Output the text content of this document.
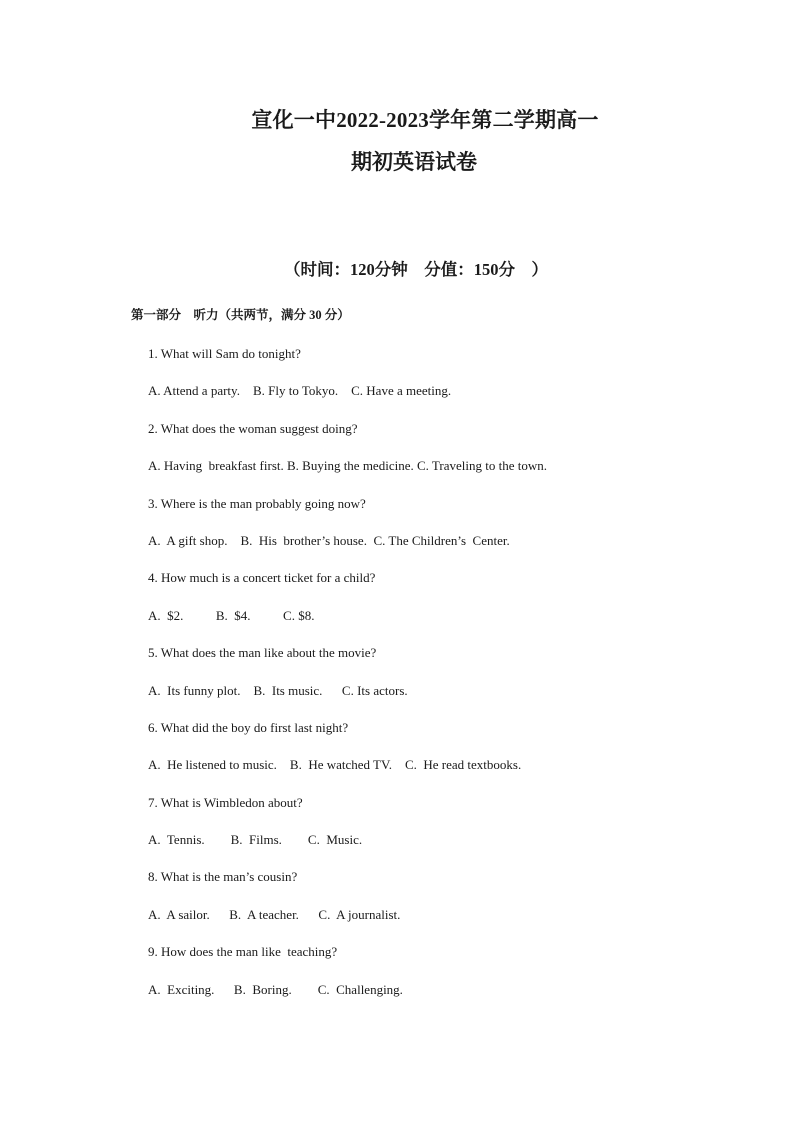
宣化一中2022-2023学年第二学期高一
期初英语试卷
（时间：120分钟    分值：150分    ）
第一部分    听力（共两节，满分 30 分）
1. What will Sam do tonight?
A. Attend a party.    B. Fly to Tokyo.    C. Have a meeting.
2. What does the woman suggest doing?
A. Having  breakfast first. B. Buying the medicine. C. Traveling to the town.
3. Where is the man probably going now?
A.  A gift shop.    B.  His  brother’s house.  C. The Children’s  Center.
4. How much is a concert ticket for a child?
A.  $2.          B.  $4.          C. $8.
5. What does the man like about the movie?
A.  Its funny plot.    B.  Its music.      C. Its actors.
6. What did the boy do first last night?
A.  He listened to music.    B.  He watched TV.    C.  He read textbooks.
7. What is Wimbledon about?
A.  Tennis.        B.  Films.        C.  Music.
8. What is the man’s cousin?
A.  A sailor.      B.  A teacher.      C.  A journalist.
9. How does the man like  teaching?
A.  Exciting.      B.  Boring.        C.  Challenging.
